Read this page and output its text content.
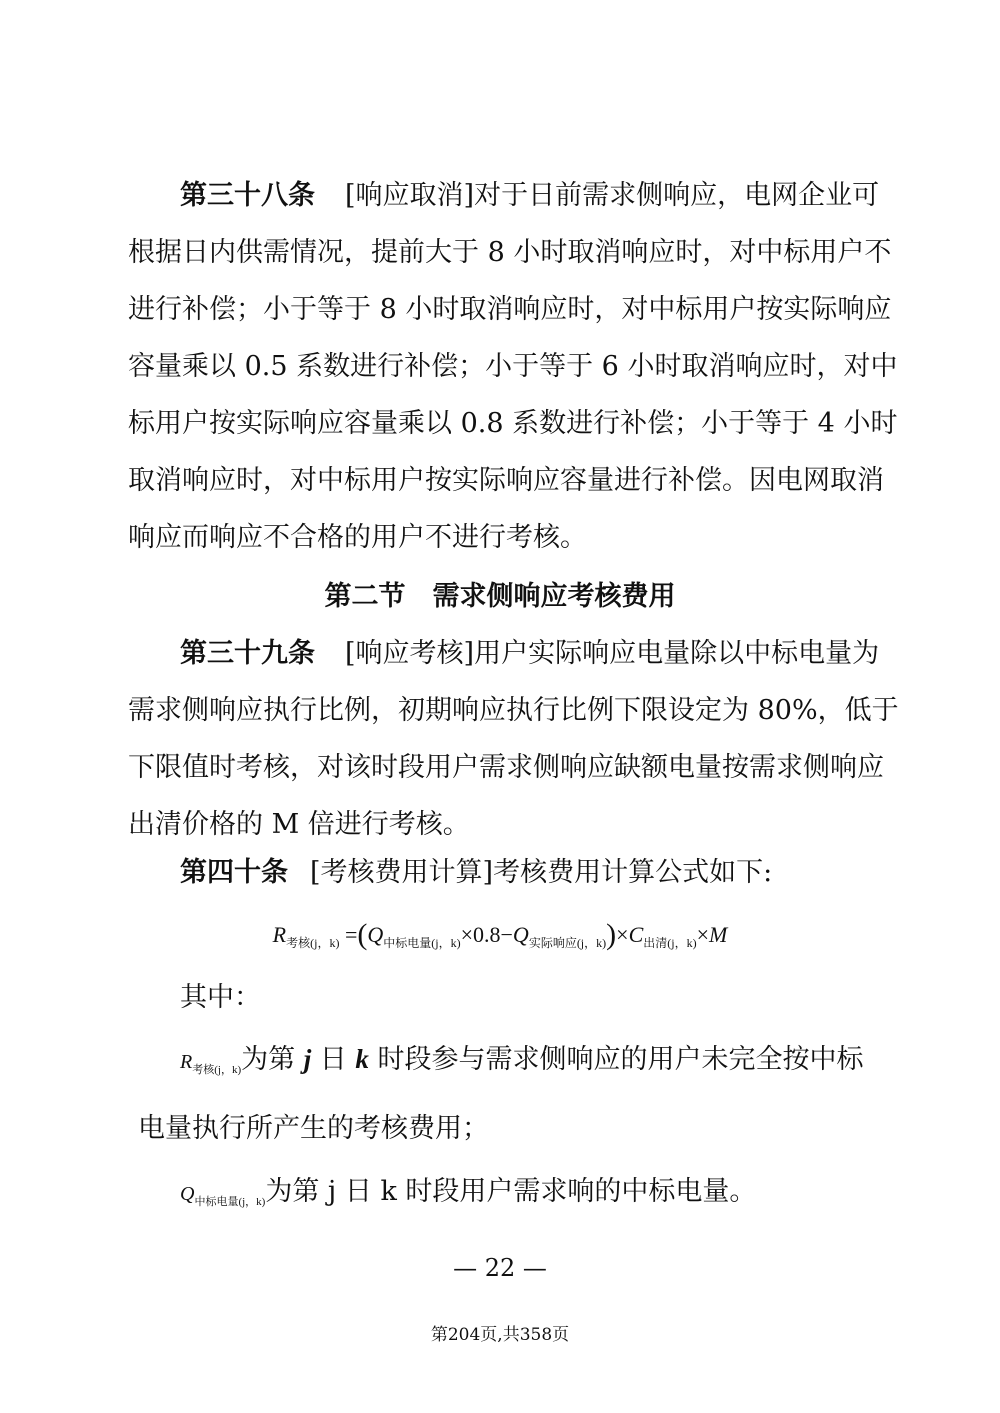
第三十八条 [响应取消]对于日前需求侧响应，电网企业可
根据日内供需情况，提前大于 8 小时取消响应时，对中标用户不
进行补偿；小于等于 8 小时取消响应时，对中标用户按实际响应
容量乘以 0.5 系数进行补偿；小于等于 6 小时取消响应时，对中
标用户按实际响应容量乘以 0.8 系数进行补偿；小于等于 4 小时
取消响应时，对中标用户按实际响应容量进行补偿。因电网取消
响应而响应不合格的用户不进行考核。
第二节　需求侧响应考核费用
第三十九条 [响应考核]用户实际响应电量除以中标电量为
需求侧响应执行比例，初期响应执行比例下限设定为 80%，低于
下限值时考核，对该时段用户需求侧响应缺额电量按需求侧响应
出清价格的 M 倍进行考核。
第四十条 [考核费用计算]考核费用计算公式如下:
$R_{考核(j,k)} =(Q_{中标电量(j,k)}\times 0.8-Q_{实际响应(j,k)})\times C_{出清(j,k)}\times M$
其中：
$R_{考核(j,k)}$为第 j 日 k 时段参与需求侧响应的用户未完全按中标
电量执行所产生的考核费用；
$Q_{中标电量(j,k)}$为第 j 日 k 时段用户需求响的中标电量。
— 22 —
第204页,共358页
